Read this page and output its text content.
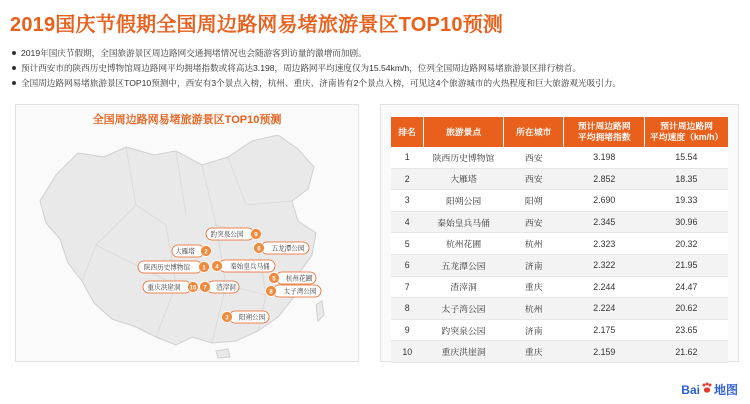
2019国庆节假期全国周边路网易堵旅游景区TOP10预测
2019年国庆节假期，全国旅游景区周边路网交通拥堵情况也会随游客到访量的激增而加剧。
预计西安市的陕西历史博物馆周边路网平均拥堵指数或将高达3.198，周边路网平均速度仅为15.54km/h，位列全国周边路网易堵旅游景区排行榜首。
全国周边路网易堵旅游景区TOP10预测中，西安有3个景点入榜，杭州、重庆、济南皆有2个景点入榜，可见这4个旅游城市的火热程度和巨大旅游观光吸引力。
全国周边路网易堵旅游景区TOP10预测
陕西历史博物馆 1
大雁塔 2
阳朔公园
3
秦始皇兵马俑
4
杭州花圃
5
五龙潭公园
6
渣滓洞
7
太子湾公园
8
趵突泉公园 9
重庆洪崖洞 10
排名	旅游景点	所在城市	预计周边路网
平均拥堵指数	预计周边路网
平均速度（km/h）
1	陕西历史博物馆	西安	3.198	15.54
2	大雁塔	西安	2.852	18.35
3	阳朔公园	阳朔	2.690	19.33
4	秦始皇兵马俑	西安	2.345	30.96
5	杭州花圃	杭州	2.323	20.32
6	五龙潭公园	济南	2.322	21.95
7	渣滓洞	重庆	2.244	24.47
8	太子湾公园	杭州	2.224	20.62
9	趵突泉公园	济南	2.175	23.65
10	重庆洪崖洞	重庆	2.159	21.62
Bai 地图
